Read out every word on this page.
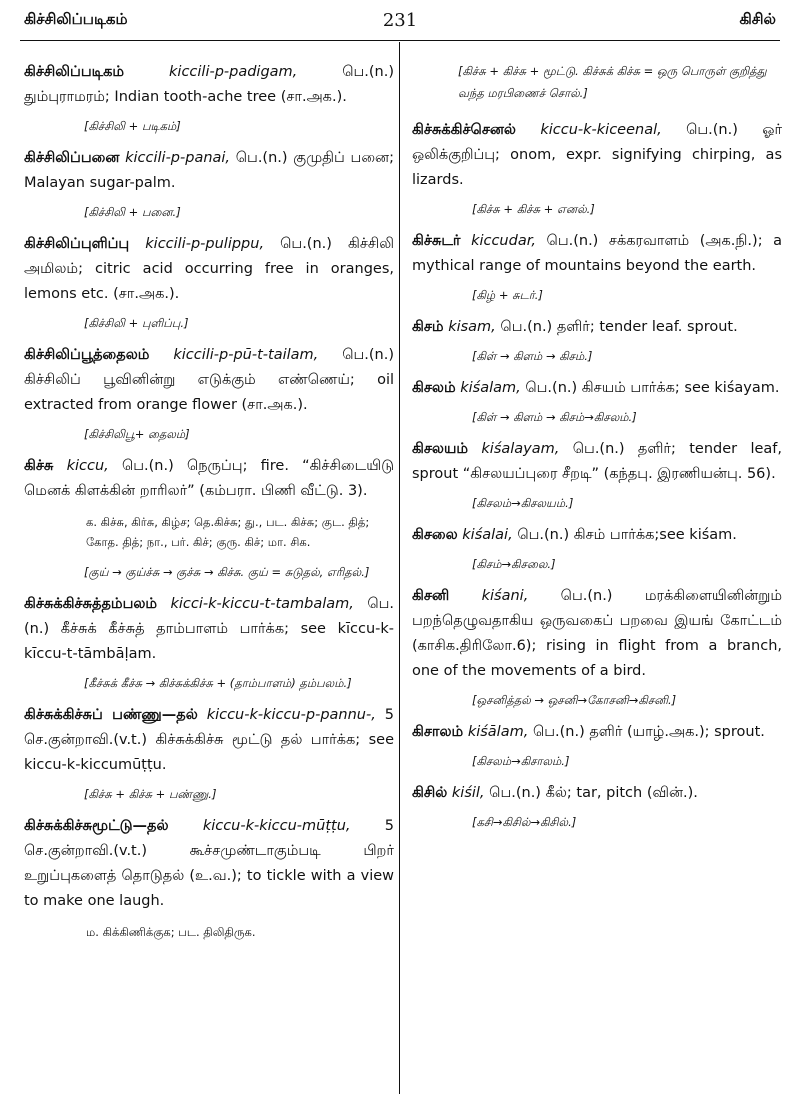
கிச்சிலிப்படிகம்	231	கிசில்
கிச்சிலிப்படிகம்	kiccili-p-padigam,	பெ.(n.) தும்புராமரம்; Indian tooth-ache tree (சா.அக.).
[கிச்சிலி + படிகம்]
கிச்சிலிப்பனை kiccili-p-panai, பெ.(n.) குமுதிப் பனை; Malayan sugar-palm.
[கிச்சிலி + பனை.]
கிச்சிலிப்புளிப்பு kiccili-p-pulippu, பெ.(n.) கிச்சிலி அமிலம்; citric acid occurring free in oranges, lemons etc. (சா.அக.).
[கிச்சிலி + புளிப்பு.]
கிச்சிலிப்பூத்தைலம் kiccili-p-pū-t-tailam, பெ.(n.) கிச்சிலிப் பூவினின்று எடுக்கும் எண்ணெய்; oil extracted from orange flower (சா.அக.).
[கிச்சிலிபூ+ தைலம்]
கிச்சு kiccu, பெ.(n.) நெருப்பு; fire. “கிச்சிடையிடு மெனக் கிளக்கின் றாரிலர்” (கம்பரா. பிணி வீட்டு. 3).
க. கிச்சு, கிர்சு, கிழ்ச; தெ.கிச்சு; து., பட. கிச்சு; குட. தித்; கோத. தித்; நா., பர். கிச்; குரு. கிச்; மா. சிக.
[குய் → குய்ச்சு → குச்சு → கிச்சு. குய் = சுடுதல், எரிதல்.]
கிச்சுக்கிச்சுத்தம்பலம் kicci-k-kiccu-t-tambalam, பெ.(n.) கீச்சுக் கீச்சுத் தாம்பாளம் பார்க்க; see kīccu-k-kīccu-t-tāmbāḷam.
[கீச்சுக் கீச்சு → கிச்சுக்கிச்சு + (தாம்பாளம்) தம்பலம்.]
கிச்சுக்கிச்சுப் பண்ணு—தல் kiccu-k-kiccu-p-pannu-, 5 செ.குன்றாவி.(v.t.) கிச்சுக்கிச்சு மூட்டு தல் பார்க்க; see kiccu-k-kiccumūṭṭu.
[கிச்சு + கிச்சு + பண்ணு.]
கிச்சுக்கிச்சுமூட்டு—தல் kiccu-k-kiccu-mūṭṭu, 5 செ.குன்றாவி.(v.t.)	கூச்சமுண்டாகும்படி பிறர் உறுப்புகளைத் தொடுதல் (உ.வ.); to tickle with a view to make one laugh.
ம. கிக்கிணிக்குக; பட. திலிதிருக.
[கிச்சு + கிச்சு + மூட்டு. கிச்சுக் கிச்சு = ஒரு பொருள் குறித்து வந்த மரபிணைச் சொல்.]
கிச்சுக்கிச்செனல் kiccu-k-kiceenal, பெ.(n.) ஓர் ஒலிக்குறிப்பு; onom, expr. signifying chirping, as lizards.
[கிச்சு + கிச்சு + எனல்.]
கிச்சுடர் kiccudar, பெ.(n.) சக்கரவாளம் (அக.நி.); a mythical range of mountains beyond the earth.
[கிழ் + சுடர்.]
கிசம் kisam, பெ.(n.) தளிர்; tender leaf. sprout.
[கிள் → கிளம் → கிசம்.]
கிசலம் kiśalam, பெ.(n.) கிசயம் பார்க்க; see kiśayam.
[கிள் → கிளம் → கிசம்→கிசலம்.]
கிசலயம் kiśalayam, பெ.(n.) தளிர்; tender leaf, sprout “கிசலயப்புரை சீறடி” (கந்தபு. இரணியன்பு. 56).
[கிசலம்→கிசலயம்.]
கிசலை kiśalai, பெ.(n.) கிசம் பார்க்க;see kiśam.
[கிசம்→கிசலை.]
கிசனி kiśani, பெ.(n.) மரக்கிளையினின்றும் பறந்தெழுவதாகிய ஒருவகைப் பறவை இயங் கோட்டம் (காசிக.திரிலோ.6); rising in flight from a branch, one of the movements of a bird.
[ஒசனித்தல் → ஒசனி→கோசனி→கிசனி.]
கிசாலம் kiśālam, பெ.(n.) தளிர் (யாழ்.அக.); sprout.
[கிசலம்→கிசாலம்.]
கிசில் kiśil, பெ.(n.) கீல்; tar, pitch (வின்.).
[கசி→கிசில்→கிசில்.]
